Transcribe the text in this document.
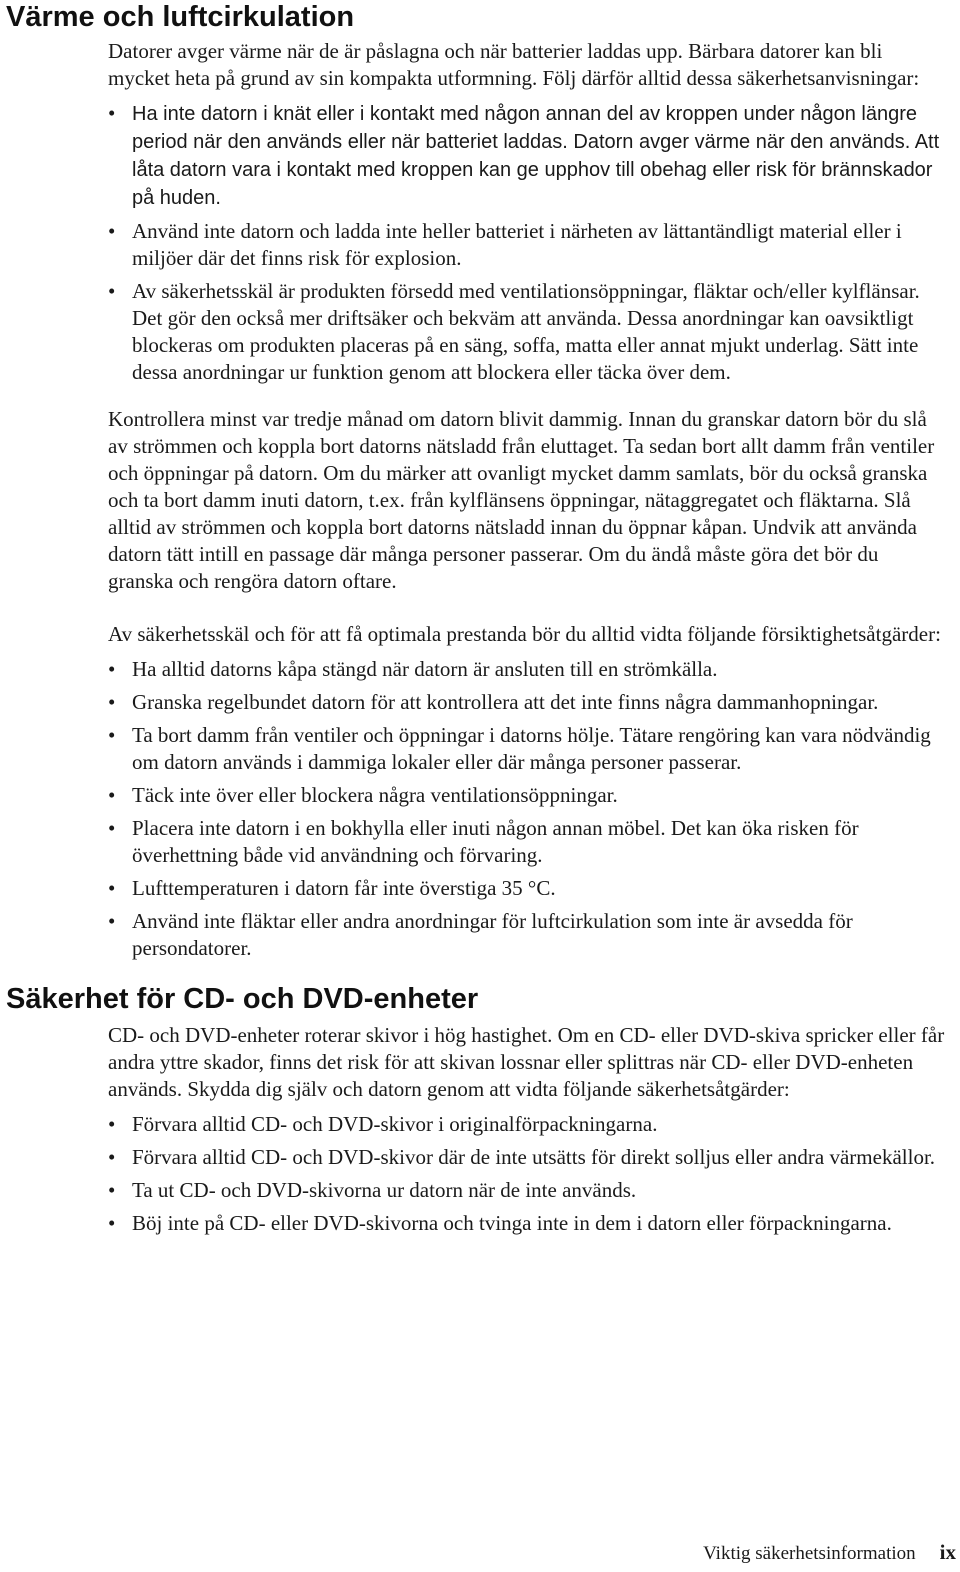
Värme och luftcirkulation

Datorer avger värme när de är påslagna och när batterier laddas upp. Bärbara datorer kan bli mycket heta på grund av sin kompakta utformning. Följ därför alltid dessa säkerhetsanvisningar:

• Ha inte datorn i knät eller i kontakt med någon annan del av kroppen under någon längre period när den används eller när batteriet laddas. Datorn avger värme när den används. Att låta datorn vara i kontakt med kroppen kan ge upphov till obehag eller risk för brännskador på huden.
• Använd inte datorn och ladda inte heller batteriet i närheten av lättantändligt material eller i miljöer där det finns risk för explosion.
• Av säkerhetsskäl är produkten försedd med ventilationsöppningar, fläktar och/eller kylflänsar. Det gör den också mer driftsäker och bekväm att använda. Dessa anordningar kan oavsiktligt blockeras om produkten placeras på en säng, soffa, matta eller annat mjukt underlag. Sätt inte dessa anordningar ur funktion genom att blockera eller täcka över dem.

Kontrollera minst var tredje månad om datorn blivit dammig. Innan du granskar datorn bör du slå av strömmen och koppla bort datorns nätsladd från eluttaget. Ta sedan bort allt damm från ventiler och öppningar på datorn. Om du märker att ovanligt mycket damm samlats, bör du också granska och ta bort damm inuti datorn, t.ex. från kylflänsens öppningar, nätaggregatet och fläktarna. Slå alltid av strömmen och koppla bort datorns nätsladd innan du öppnar kåpan. Undvik att använda datorn tätt intill en passage där många personer passerar. Om du ändå måste göra det bör du granska och rengöra datorn oftare.

Av säkerhetsskäl och för att få optimala prestanda bör du alltid vidta följande försiktighetsåtgärder:

• Ha alltid datorns kåpa stängd när datorn är ansluten till en strömkälla.
• Granska regelbundet datorn för att kontrollera att det inte finns några dammanhopningar.
• Ta bort damm från ventiler och öppningar i datorns hölje. Tätare rengöring kan vara nödvändig om datorn används i dammiga lokaler eller där många personer passerar.
• Täck inte över eller blockera några ventilationsöppningar.
• Placera inte datorn i en bokhylla eller inuti någon annan möbel. Det kan öka risken för överhettning både vid användning och förvaring.
• Lufttemperaturen i datorn får inte överstiga 35 °C.
• Använd inte fläktar eller andra anordningar för luftcirkulation som inte är avsedda för persondatorer.
Säkerhet för CD- och DVD-enheter

CD- och DVD-enheter roterar skivor i hög hastighet. Om en CD- eller DVD-skiva spricker eller får andra yttre skador, finns det risk för att skivan lossnar eller splittras när CD- eller DVD-enheten används. Skydda dig själv och datorn genom att vidta följande säkerhetsåtgärder:

• Förvara alltid CD- och DVD-skivor i originalförpackningarna.
• Förvara alltid CD- och DVD-skivor där de inte utsätts för direkt solljus eller andra värmekällor.
• Ta ut CD- och DVD-skivorna ur datorn när de inte används.
• Böj inte på CD- eller DVD-skivorna och tvinga inte in dem i datorn eller förpackningarna.
Viktig säkerhetsinformation ix
